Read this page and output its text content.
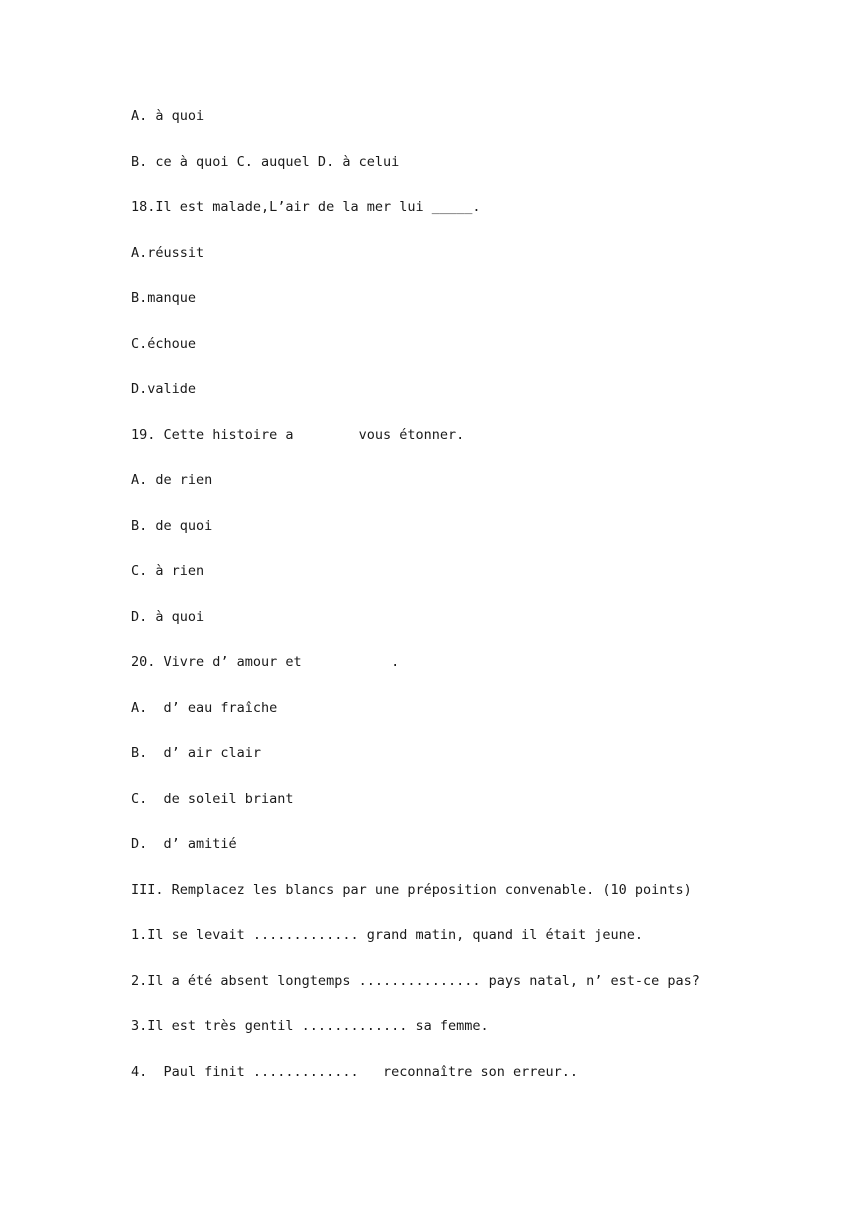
A. à quoi
B. ce à quoi C. auquel D. à celui
18.Il est malade,L’air de la mer lui _____.
A.réussit
B.manque
C.échoue
D.valide
19. Cette histoire a        vous étonner.
A. de rien
B. de quoi
C. à rien
D. à quoi
20. Vivre d’ amour et           .
A.  d’ eau fraîche
B.  d’ air clair
C.  de soleil briant
D.  d’ amitié
III. Remplacez les blancs par une préposition convenable. (10 points)
1.Il se levait ............. grand matin, quand il était jeune.
2.Il a été absent longtemps ............... pays natal, n’ est-ce pas?
3.Il est très gentil ............. sa femme.
4.  Paul finit .............   reconnaître son erreur..
